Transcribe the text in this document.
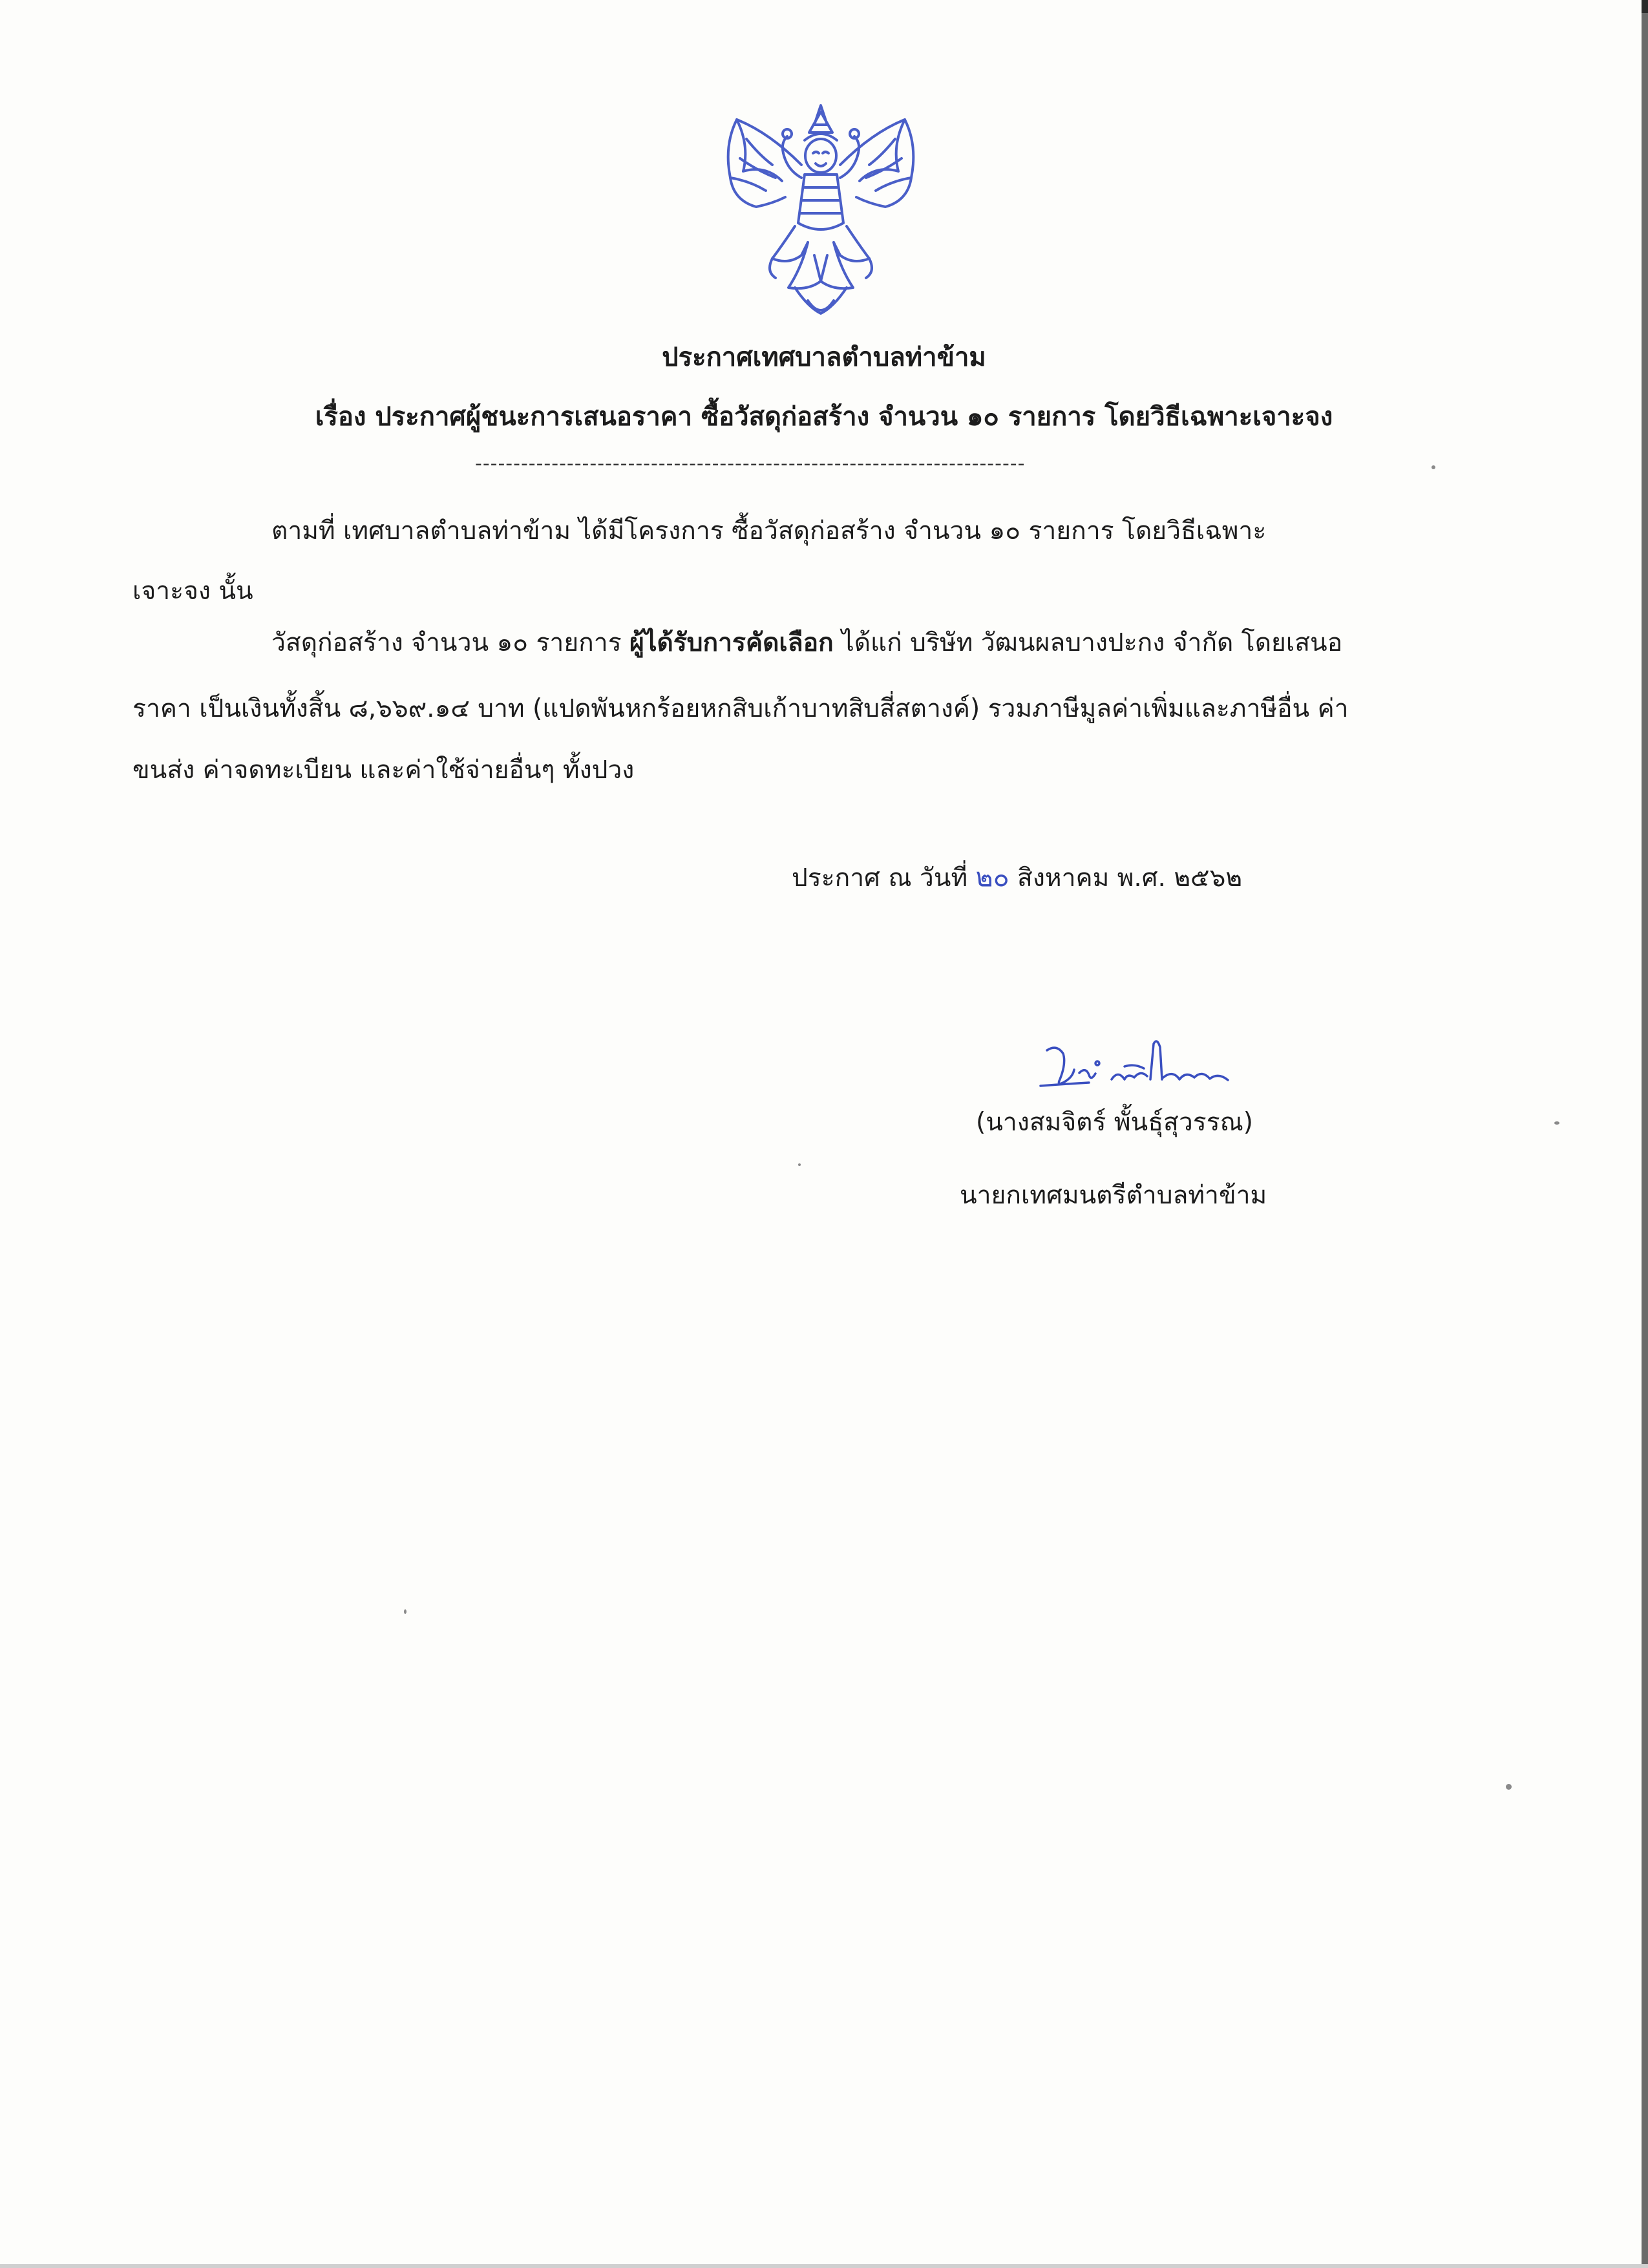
ประกาศเทศบาลตำบลท่าข้าม
เรื่อง ประกาศผู้ชนะการเสนอราคา ซื้อวัสดุก่อสร้าง จำนวน ๑๐ รายการ โดยวิธีเฉพาะเจาะจง
------------------------------------------------------------------------
ตามที่ เทศบาลตำบลท่าข้าม ได้มีโครงการ ซื้อวัสดุก่อสร้าง จำนวน ๑๐ รายการ โดยวิธีเฉพาะ
เจาะจง นั้น
วัสดุก่อสร้าง จำนวน ๑๐ รายการ ผู้ได้รับการคัดเลือก ได้แก่ บริษัท วัฒนผลบางปะกง จำกัด โดยเสนอ
ราคา เป็นเงินทั้งสิ้น ๘,๖๖๙.๑๔ บาท (แปดพันหกร้อยหกสิบเก้าบาทสิบสี่สตางค์) รวมภาษีมูลค่าเพิ่มและภาษีอื่น ค่า
ขนส่ง ค่าจดทะเบียน และค่าใช้จ่ายอื่นๆ ทั้งปวง
ประกาศ ณ วันที่ ๒๐ สิงหาคม พ.ศ. ๒๕๖๒
(นางสมจิตร์ พั้นธุ์สุวรรณ)
นายกเทศมนตรีตำบลท่าข้าม
